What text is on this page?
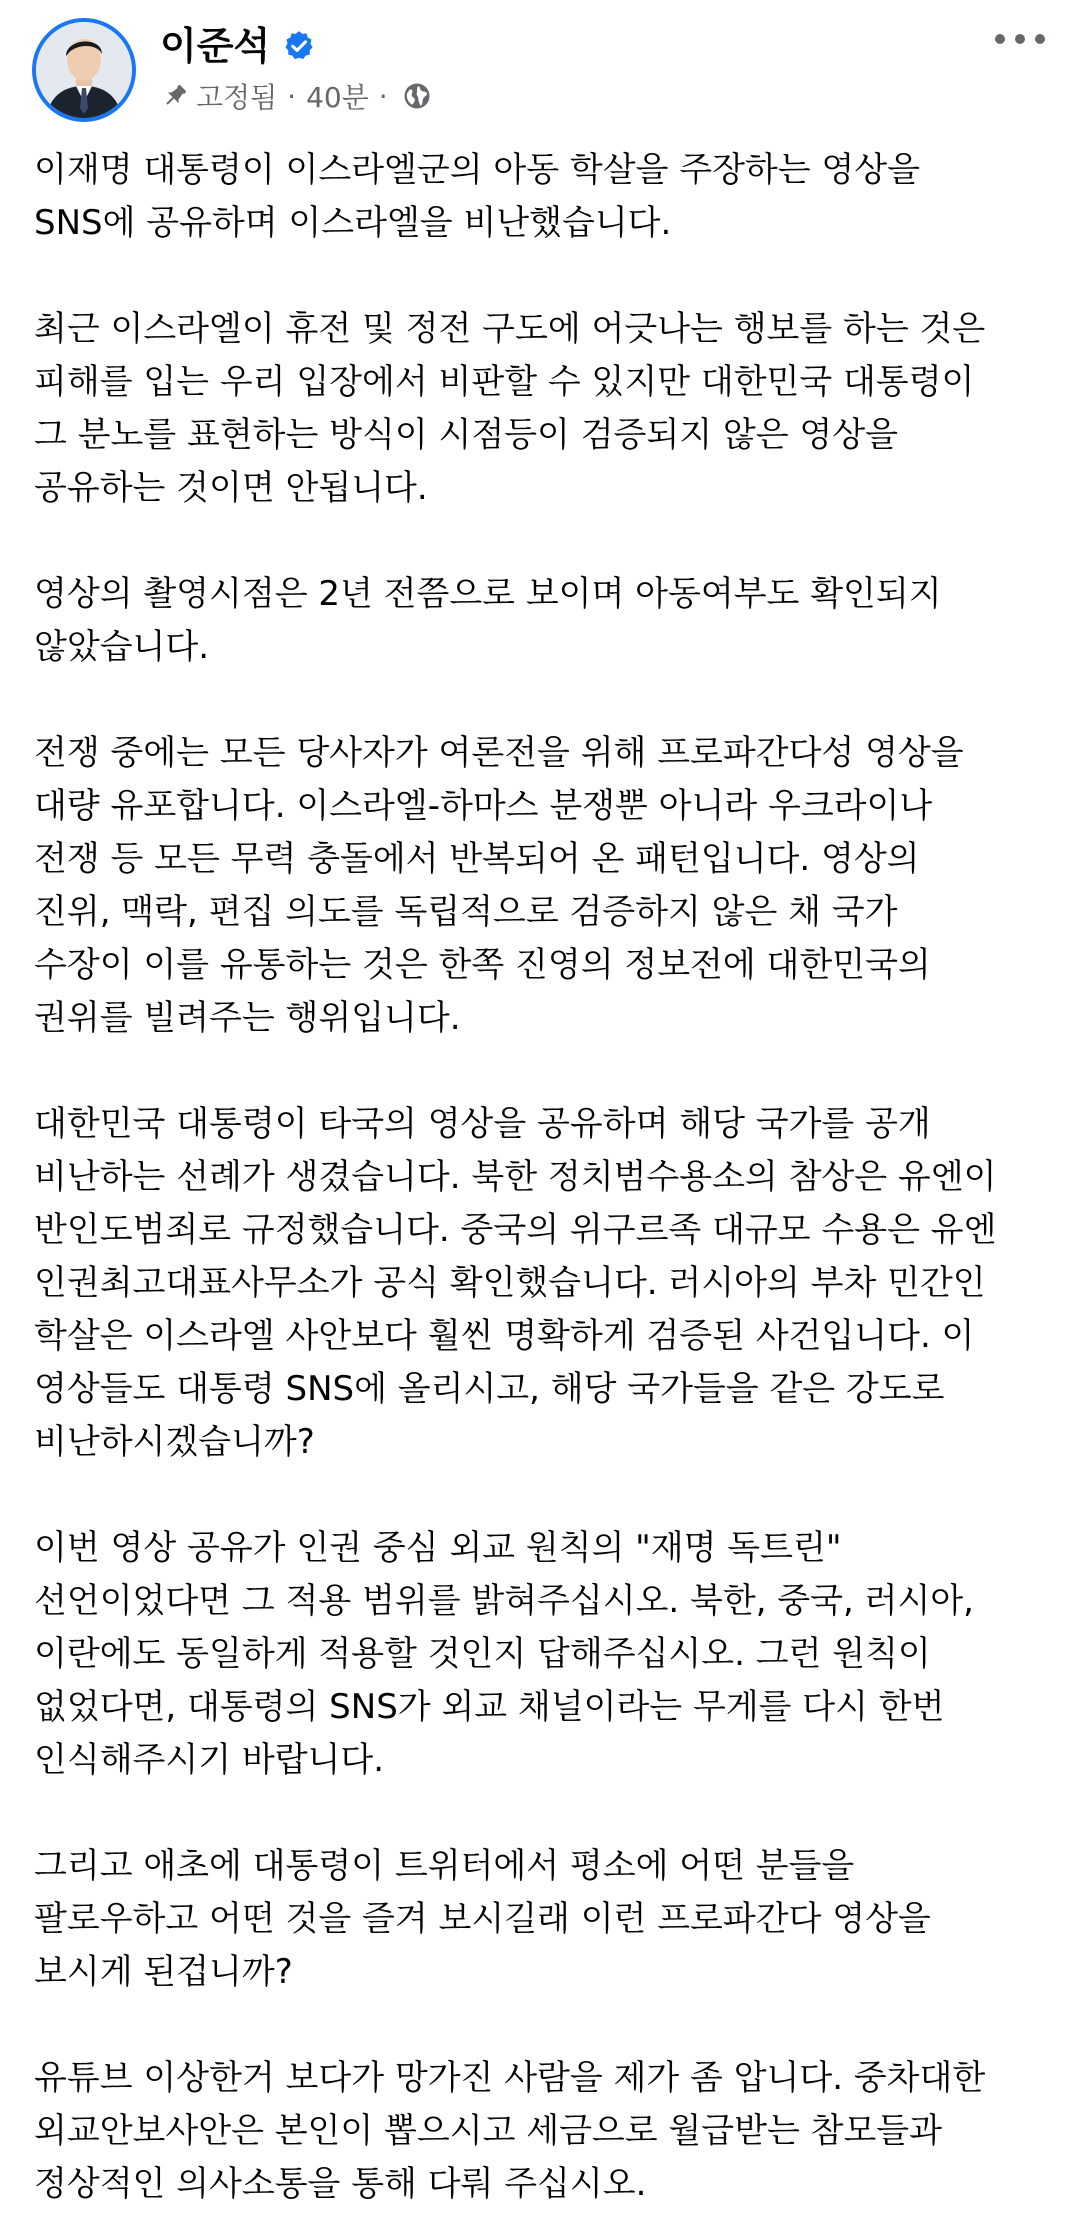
이준석
고정됨 · 40분 ·

이재명 대통령이 이스라엘군의 아동 학살을 주장하는 영상을
SNS에 공유하며 이스라엘을 비난했습니다.

최근 이스라엘이 휴전 및 정전 구도에 어긋나는 행보를 하는 것은
피해를 입는 우리 입장에서 비판할 수 있지만 대한민국 대통령이
그 분노를 표현하는 방식이 시점등이 검증되지 않은 영상을
공유하는 것이면 안됩니다.

영상의 촬영시점은 2년 전쯤으로 보이며 아동여부도 확인되지
않았습니다.

전쟁 중에는 모든 당사자가 여론전을 위해 프로파간다성 영상을
대량 유포합니다. 이스라엘-하마스 분쟁뿐 아니라 우크라이나
전쟁 등 모든 무력 충돌에서 반복되어 온 패턴입니다. 영상의
진위, 맥락, 편집 의도를 독립적으로 검증하지 않은 채 국가
수장이 이를 유통하는 것은 한쪽 진영의 정보전에 대한민국의
권위를 빌려주는 행위입니다.

대한민국 대통령이 타국의 영상을 공유하며 해당 국가를 공개
비난하는 선례가 생겼습니다. 북한 정치범수용소의 참상은 유엔이
반인도범죄로 규정했습니다. 중국의 위구르족 대규모 수용은 유엔
인권최고대표사무소가 공식 확인했습니다. 러시아의 부차 민간인
학살은 이스라엘 사안보다 훨씬 명확하게 검증된 사건입니다. 이
영상들도 대통령 SNS에 올리시고, 해당 국가들을 같은 강도로
비난하시겠습니까?

이번 영상 공유가 인권 중심 외교 원칙의 "재명 독트린"
선언이었다면 그 적용 범위를 밝혀주십시오. 북한, 중국, 러시아,
이란에도 동일하게 적용할 것인지 답해주십시오. 그런 원칙이
없었다면, 대통령의 SNS가 외교 채널이라는 무게를 다시 한번
인식해주시기 바랍니다.

그리고 애초에 대통령이 트위터에서 평소에 어떤 분들을
팔로우하고 어떤 것을 즐겨 보시길래 이런 프로파간다 영상을
보시게 된겁니까?

유튜브 이상한거 보다가 망가진 사람을 제가 좀 압니다. 중차대한
외교안보사안은 본인이 뽑으시고 세금으로 월급받는 참모들과
정상적인 의사소통을 통해 다뤄 주십시오.
